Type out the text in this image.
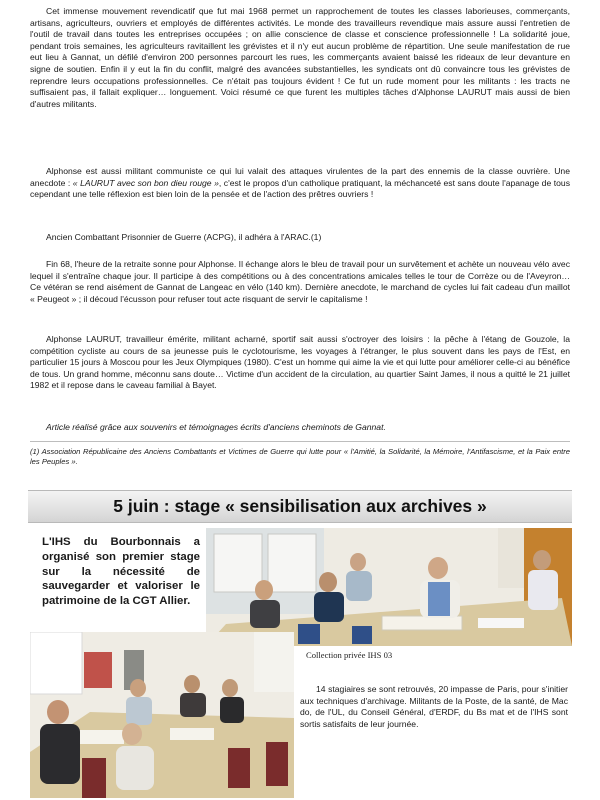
Cet immense mouvement revendicatif que fut mai 1968 permet un rapprochement de toutes les classes laborieuses, commerçants, artisans, agriculteurs, ouvriers et employés de différentes activités. Le monde des travailleurs revendique mais assure aussi l'entretien de l'outil de travail dans toutes les entreprises occupées ; on allie conscience de classe et conscience professionnelle ! La solidarité joue, pendant trois semaines, les agriculteurs ravitaillent les grévistes et il n'y eut aucun problème de répartition. Une seule manifestation de rue eut lieu à Gannat, un défilé d'environ 200 personnes parcourt les rues, les commerçants avaient baissé les rideaux de leur devanture en signe de soutien. Enfin il y eut la fin du conflit, malgré des avancées substantielles, les syndicats ont dû convaincre tous les grévistes de reprendre leurs occupations professionnelles. Ce n'était pas toujours évident ! Ce fut un rude moment pour les militants : les tracts ne suffisaient pas, il fallait expliquer… longuement. Voici résumé ce que furent les multiples tâches d'Alphonse LAURUT mais aussi de bien d'autres militants.

Alphonse est aussi militant communiste ce qui lui valait des attaques virulentes de la part des ennemis de la classe ouvrière. Une anecdote : « LAURUT avec son bon dieu rouge », c'est le propos d'un catholique pratiquant, la méchanceté est sans doute l'apanage de tous cependant une telle réflexion est bien loin de la pensée et de l'action des prêtres ouvriers !

Ancien Combattant Prisonnier de Guerre (ACPG), il adhéra à l'ARAC.(1)

Fin 68, l'heure de la retraite sonne pour Alphonse. Il échange alors le bleu de travail pour un survêtement et achète un nouveau vélo avec lequel il s'entraîne chaque jour. Il participe à des compétitions ou à des concentrations amicales telles le tour de Corrèze ou de l'Aveyron… Ce vétéran se rend aisément de Gannat de Langeac en vélo (140 km). Dernière anecdote, le marchand de cycles lui fait cadeau d'un maillot « Peugeot » ; il découd l'écusson pour refuser tout acte risquant de servir le capitalisme !

Alphonse LAURUT, travailleur émérite, militant acharné, sportif sait aussi s'octroyer des loisirs : la pêche à l'étang de Gouzole, la compétition cycliste au cours de sa jeunesse puis le cyclotourisme, les voyages à l'étranger, le plus souvent dans les pays de l'Est, en particulier 15 jours à Moscou pour les Jeux Olympiques (1980). C'est un homme qui aime la vie et qui lutte pour améliorer celle-ci au bénéfice de tous. Un grand homme, méconnu sans doute… Victime d'un accident de la circulation, au quartier Saint James, il nous a quitté le 21 juillet 1982 et il repose dans le caveau familial à Bayet.

Article réalisé grâce aux souvenirs et témoignages écrits d'anciens cheminots de Gannat.

(1) Association Républicaine des Anciens Combattants et Victimes de Guerre qui lutte pour « l'Amitié, la Solidarité, la Mémoire, l'Antifascisme, et la Paix entre les Peuples ».

5 juin : stage « sensibilisation aux archives »

L'IHS du Bourbonnais a organisé son premier stage sur la nécessité de sauvegarder et valoriser le patrimoine de la CGT Allier.

Collection privée IHS 03

14 stagiaires se sont retrouvés, 20 impasse de Paris, pour s'initier aux techniques d'archivage. Militants de la Poste, de la santé, de Mac do, de l'UL, du Conseil Général, d'ERDF, du Bs mat et de l'IHS sont sortis satisfaits de leur journée.
